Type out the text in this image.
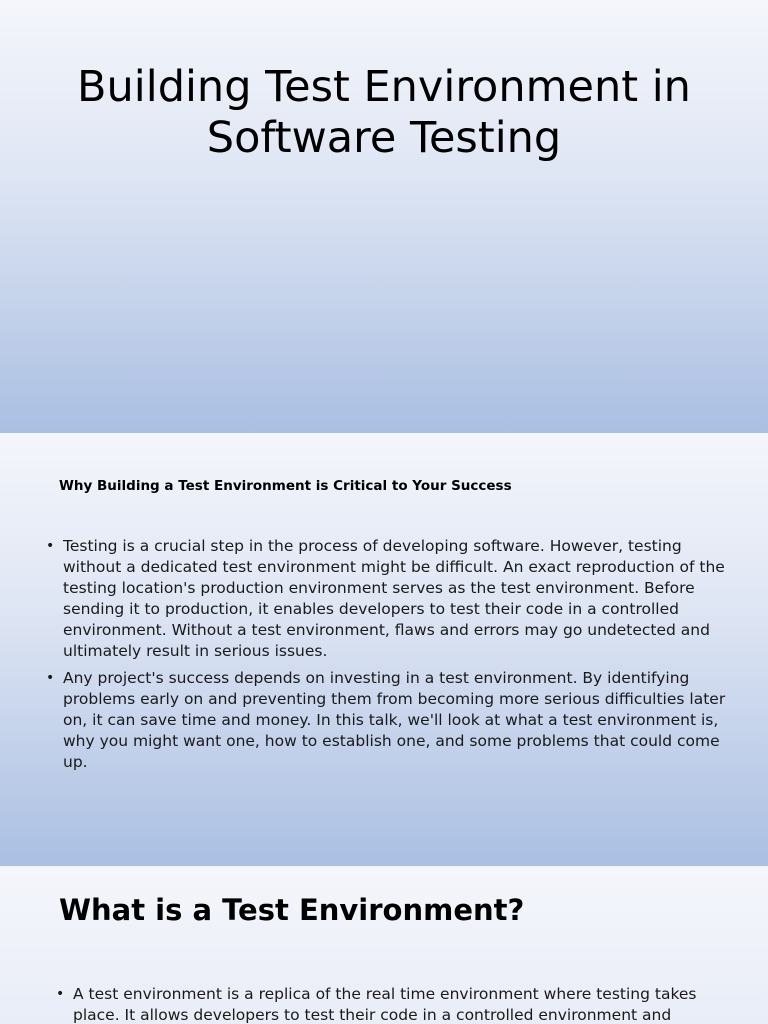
Building Test Environment in Software Testing
Why Building a Test Environment is Critical to Your Success
• Testing is a crucial step in the process of developing software. However, testing without a dedicated test environment might be difficult. An exact reproduction of the testing location's production environment serves as the test environment. Before sending it to production, it enables developers to test their code in a controlled environment. Without a test environment, flaws and errors may go undetected and ultimately result in serious issues.
• Any project's success depends on investing in a test environment. By identifying problems early on and preventing them from becoming more serious difficulties later on, it can save time and money. In this talk, we'll look at what a test environment is, why you might want one, how to establish one, and some problems that could come up.
What is a Test Environment?
• A test environment is a replica of the real time environment where testing takes place. It allows developers to test their code in a controlled environment and
